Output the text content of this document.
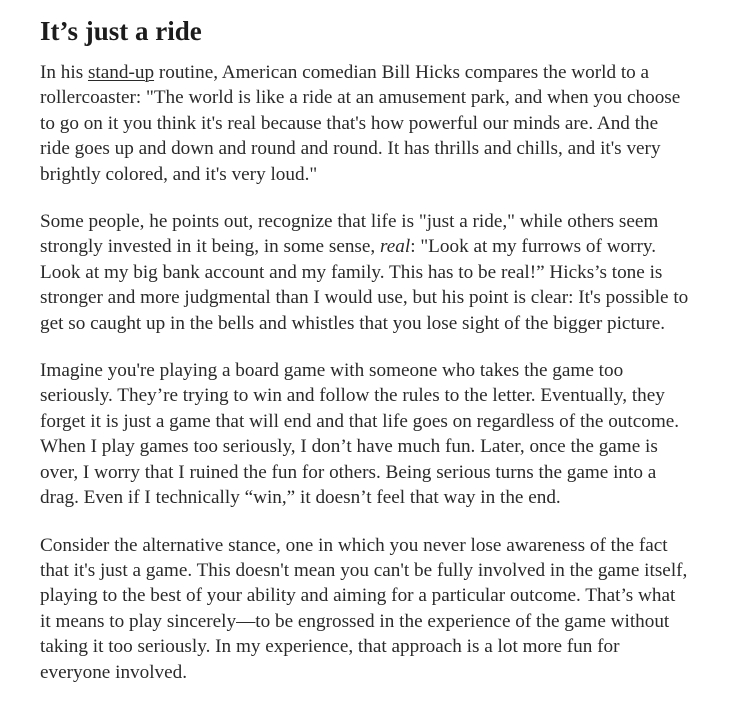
It’s just a ride

In his stand-up routine, American comedian Bill Hicks compares the world to a rollercoaster: "The world is like a ride at an amusement park, and when you choose to go on it you think it's real because that's how powerful our minds are. And the ride goes up and down and round and round. It has thrills and chills, and it's very brightly colored, and it's very loud."

Some people, he points out, recognize that life is "just a ride," while others seem strongly invested in it being, in some sense, real: "Look at my furrows of worry. Look at my big bank account and my family. This has to be real!” Hicks’s tone is stronger and more judgmental than I would use, but his point is clear: It's possible to get so caught up in the bells and whistles that you lose sight of the bigger picture.

Imagine you're playing a board game with someone who takes the game too seriously. They’re trying to win and follow the rules to the letter. Eventually, they forget it is just a game that will end and that life goes on regardless of the outcome. When I play games too seriously, I don’t have much fun. Later, once the game is over, I worry that I ruined the fun for others. Being serious turns the game into a drag. Even if I technically “win,” it doesn’t feel that way in the end.

Consider the alternative stance, one in which you never lose awareness of the fact that it's just a game. This doesn't mean you can't be fully involved in the game itself, playing to the best of your ability and aiming for a particular outcome. That’s what it means to play sincerely—to be engrossed in the experience of the game without taking it too seriously. In my experience, that approach is a lot more fun for everyone involved.
